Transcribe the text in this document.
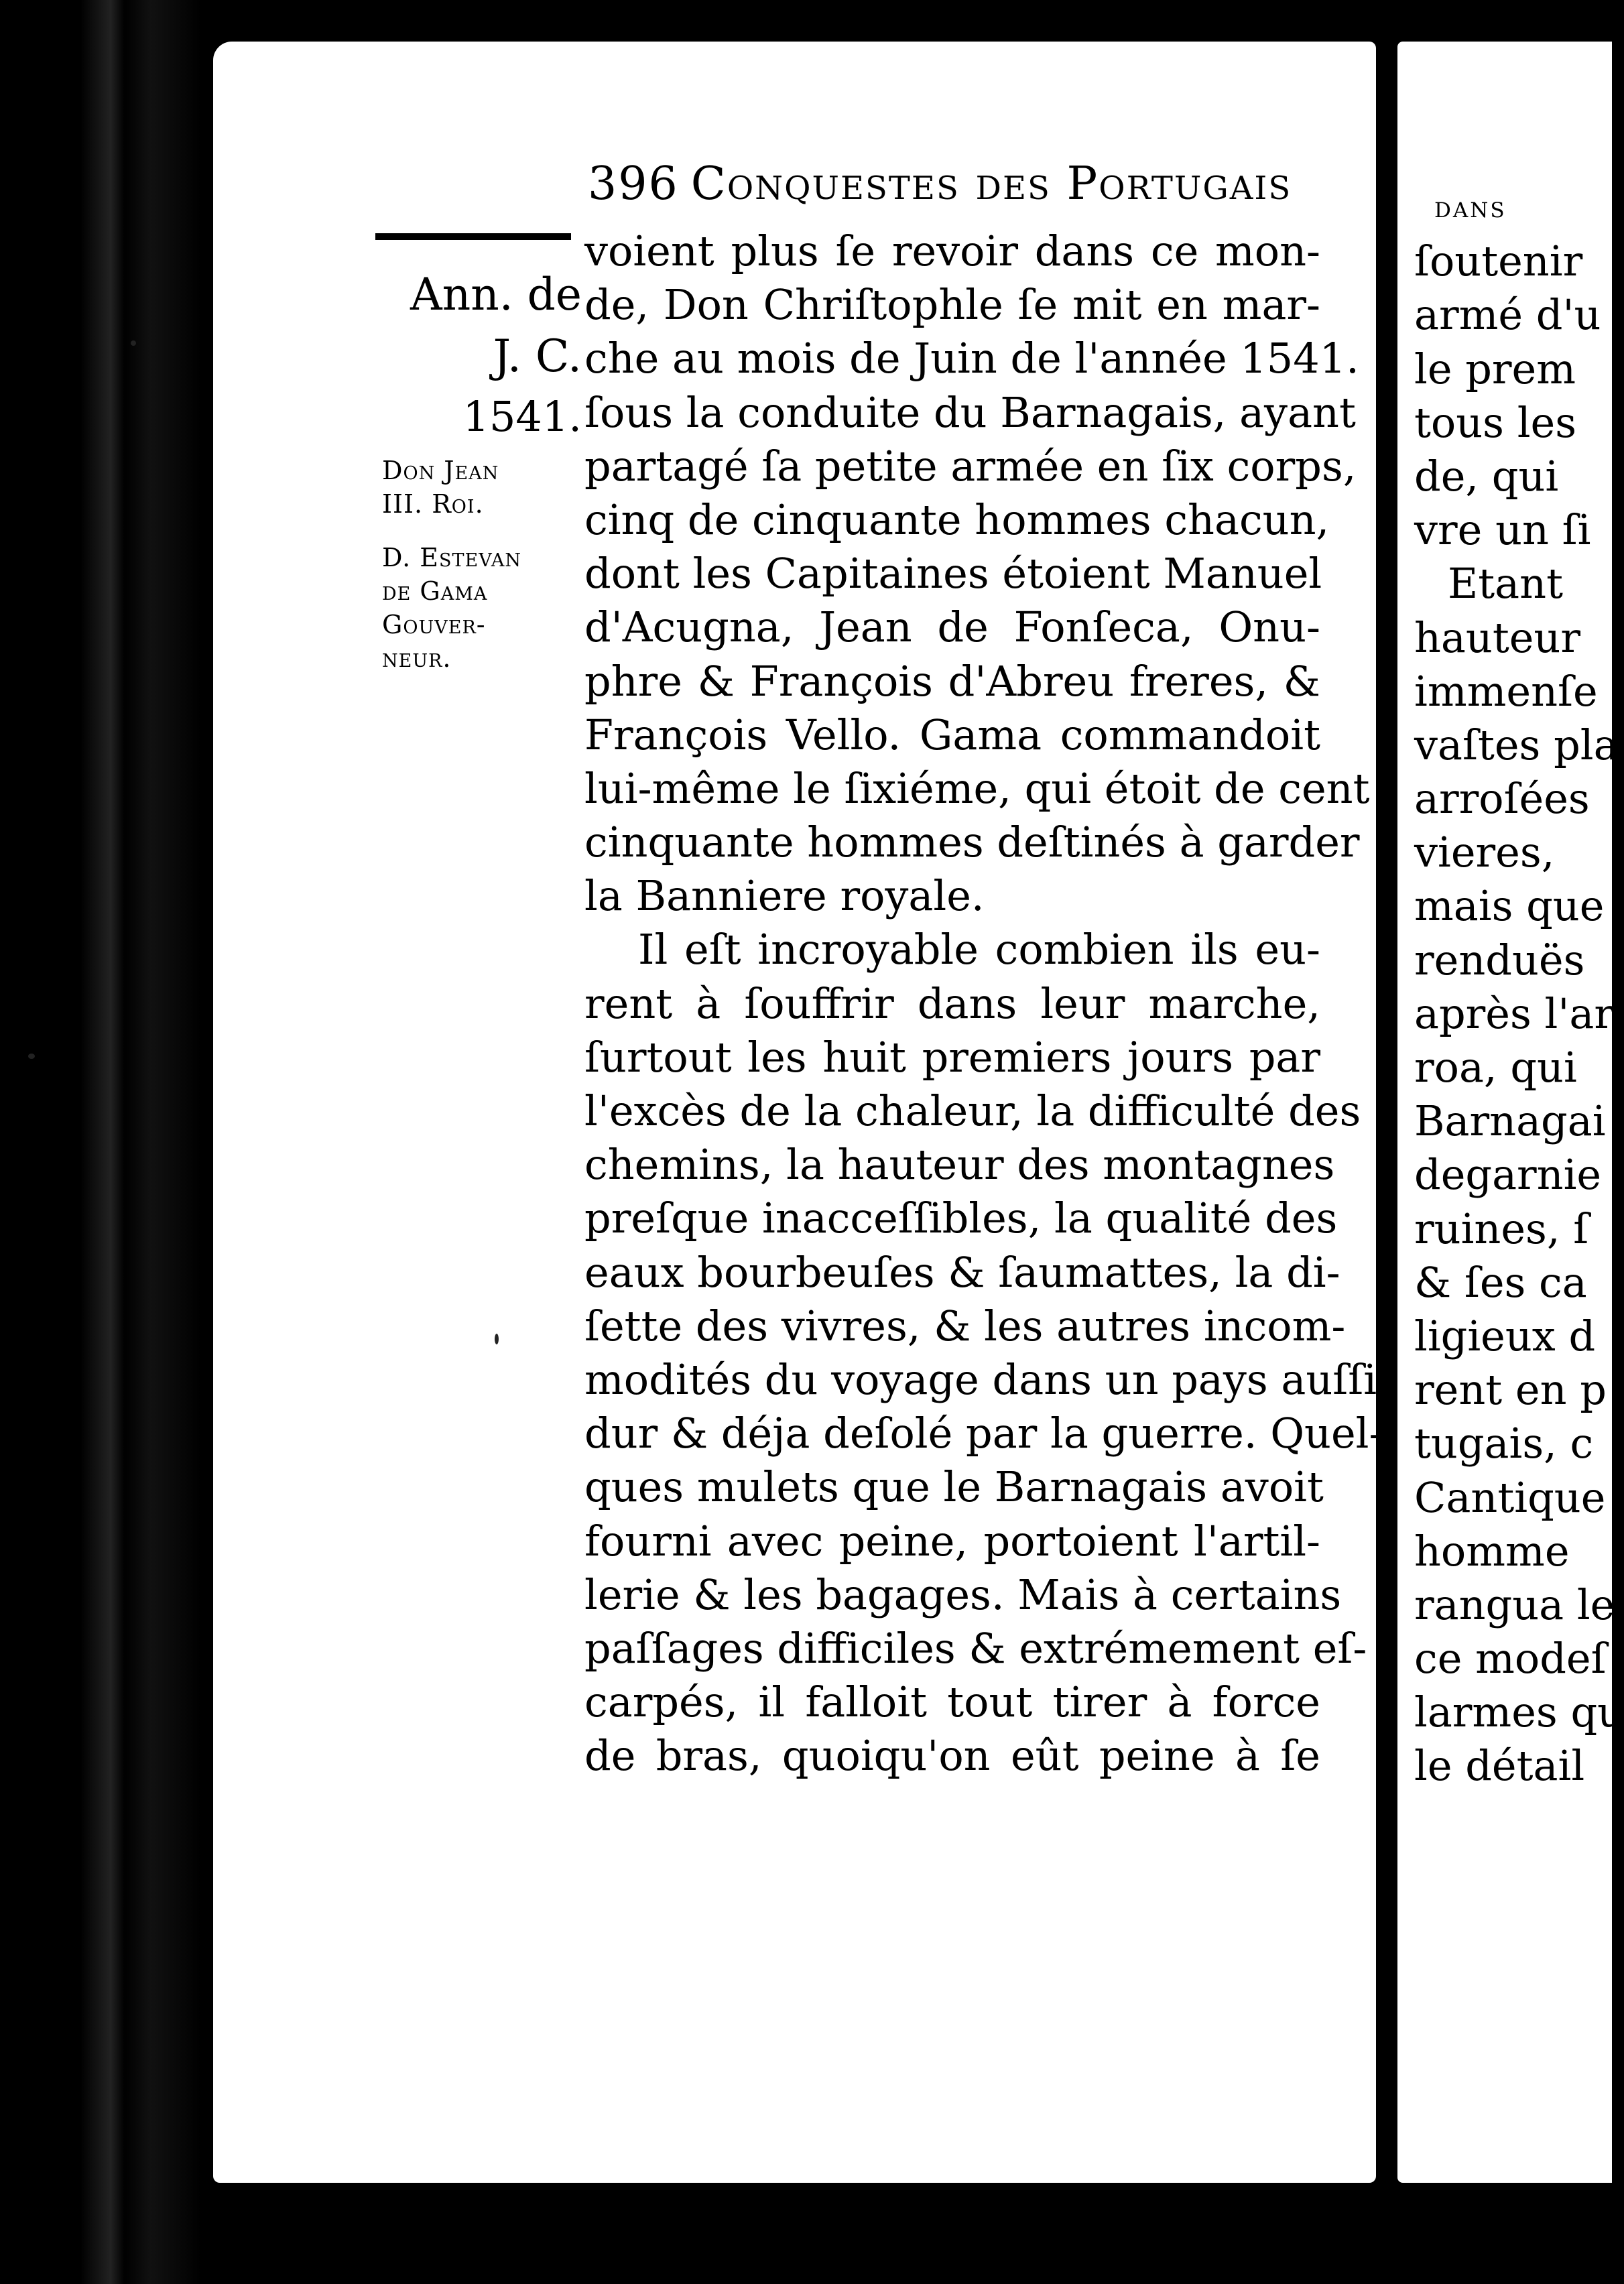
396 Conquestes des Portugais
Ann. de
J. C.
1541.
Don Jean
III. Roi.
D. Estevan
de Gama
Gouver-
neur.
voient plus ſe revoir dans ce mon-
de, Don Chriſtophle ſe mit en mar-
che au mois de Juin de l'année 1541.
ſous la conduite du Barnagais, ayant
partagé ſa petite armée en ſix corps,
cinq de cinquante hommes chacun,
dont les Capitaines étoient Manuel
d'Acugna, Jean de Fonſeca, Onu-
phre & François d'Abreu freres, &
François Vello. Gama commandoit
lui-même le ſixiéme, qui étoit de cent
cinquante hommes deſtinés à garder
la Banniere royale.
Il eſt incroyable combien ils eu-
rent à ſouffrir dans leur marche,
ſurtout les huit premiers jours par
l'excès de la chaleur, la difficulté des
chemins, la hauteur des montagnes
preſque inacceſſibles, la qualité des
eaux bourbeuſes & ſaumattes, la di-
ſette des vivres, & les autres incom-
modités du voyage dans un pays auſſi
dur & déja deſolé par la guerre. Quel-
ques mulets que le Barnagais avoit
fourni avec peine, portoient l'artil-
lerie & les bagages. Mais à certains
paſſages difficiles & extrémement eſ-
carpés, il falloit tout tirer à force
de bras, quoiqu'on eût peine à ſe
dans
ſoutenir
armé d'u
le prem
tous les
de, qui
vre un ſi
Etant
hauteur
immenſe
vaſtes pla
arroſées
vieres,
mais que
renduës
après l'ar
roa, qui
Barnagai
degarnie
ruines, ſ
& ſes ca
ligieux d
rent en p
tugais, c
Cantique
homme
rangua le
ce modeſ
larmes qu
le détail
